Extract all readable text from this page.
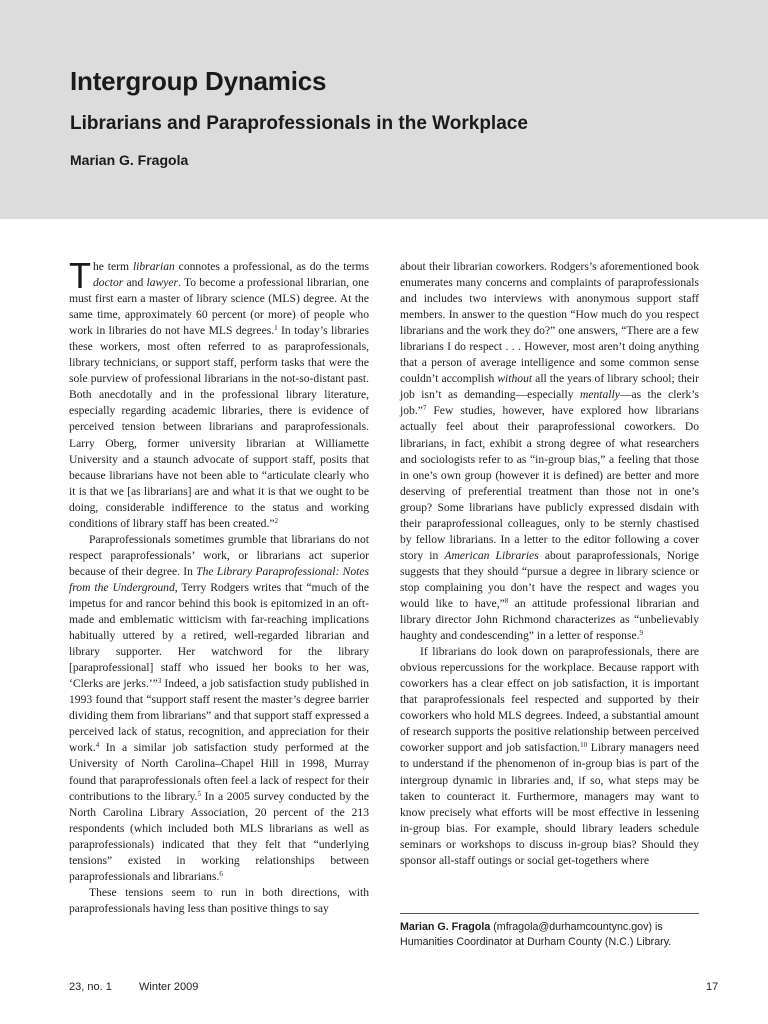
Intergroup Dynamics
Librarians and Paraprofessionals in the Workplace

Marian G. Fragola

The term librarian connotes a professional, as do the terms doctor and lawyer. To become a professional librarian, one must first earn a master of library science (MLS) degree. At the same time, approximately 60 percent (or more) of people who work in libraries do not have MLS degrees.$^1$ In today’s libraries these workers, most often referred to as paraprofessionals, library technicians, or support staff, perform tasks that were the sole purview of professional librarians in the not-so-distant past. Both anecdotally and in the professional library literature, especially regarding academic libraries, there is evidence of perceived tension between librarians and paraprofessionals. Larry Oberg, former university librarian at Williamette University and a staunch advocate of support staff, posits that because librarians have not been able to “articulate clearly who it is that we [as librarians] are and what it is that we ought to be doing, considerable indifference to the status and working conditions of library staff has been created.”$^2$

Paraprofessionals sometimes grumble that librarians do not respect paraprofessionals’ work, or librarians act superior because of their degree. In The Library Paraprofessional: Notes from the Underground, Terry Rodgers writes that “much of the impetus for and rancor behind this book is epitomized in an oft-made and emblematic witticism with far-reaching implications habitually uttered by a retired, well-regarded librarian and library supporter. Her watchword for the library [paraprofessional] staff who issued her books to her was, ‘Clerks are jerks.’”$^3$ Indeed, a job satisfaction study published in 1993 found that “support staff resent the master’s degree barrier dividing them from librarians” and that support staff expressed a perceived lack of status, recognition, and appreciation for their work.$^4$ In a similar job satisfaction study performed at the University of North Carolina–Chapel Hill in 1998, Murray found that paraprofessionals often feel a lack of respect for their contributions to the library.$^5$ In a 2005 survey conducted by the North Carolina Library Association, 20 percent of the 213 respondents (which included both MLS librarians as well as paraprofessionals) indicated that they felt that “underlying tensions” existed in working relationships between paraprofessionals and librarians.$^6$

These tensions seem to run in both directions, with paraprofessionals having less than positive things to say

about their librarian coworkers. Rodgers’s aforementioned book enumerates many concerns and complaints of paraprofessionals and includes two interviews with anonymous support staff members. In answer to the question “How much do you respect librarians and the work they do?” one answers, “There are a few librarians I do respect . . . However, most aren’t doing anything that a person of average intelligence and some common sense couldn’t accomplish without all the years of library school; their job isn’t as demanding—especially mentally—as the clerk’s job.”$^7$ Few studies, however, have explored how librarians actually feel about their paraprofessional coworkers. Do librarians, in fact, exhibit a strong degree of what researchers and sociologists refer to as “in-group bias,” a feeling that those in one’s own group (however it is defined) are better and more deserving of preferential treatment than those not in one’s group? Some librarians have publicly expressed disdain with their paraprofessional colleagues, only to be sternly chastised by fellow librarians. In a letter to the editor following a cover story in American Libraries about paraprofessionals, Norige suggests that they should “pursue a degree in library science or stop complaining you don’t have the respect and wages you would like to have,”$^8$ an attitude professional librarian and library director John Richmond characterizes as “unbelievably haughty and condescending” in a letter of response.$^9$

If librarians do look down on paraprofessionals, there are obvious repercussions for the workplace. Because rapport with coworkers has a clear effect on job satisfaction, it is important that paraprofessionals feel respected and supported by their coworkers who hold MLS degrees. Indeed, a substantial amount of research supports the positive relationship between perceived coworker support and job satisfaction.$^{10}$ Library managers need to understand if the phenomenon of in-group bias is part of the intergroup dynamic in libraries and, if so, what steps may be taken to counteract it. Furthermore, managers may want to know precisely what efforts will be most effective in lessening in-group bias. For example, should library leaders schedule seminars or workshops to discuss in-group bias? Should they sponsor all-staff outings or social get-togethers where

Marian G. Fragola (mfragola@durhamcountync.gov) is Humanities Coordinator at Durham County (N.C.) Library.
23, no. 1 Winter 2009	17
